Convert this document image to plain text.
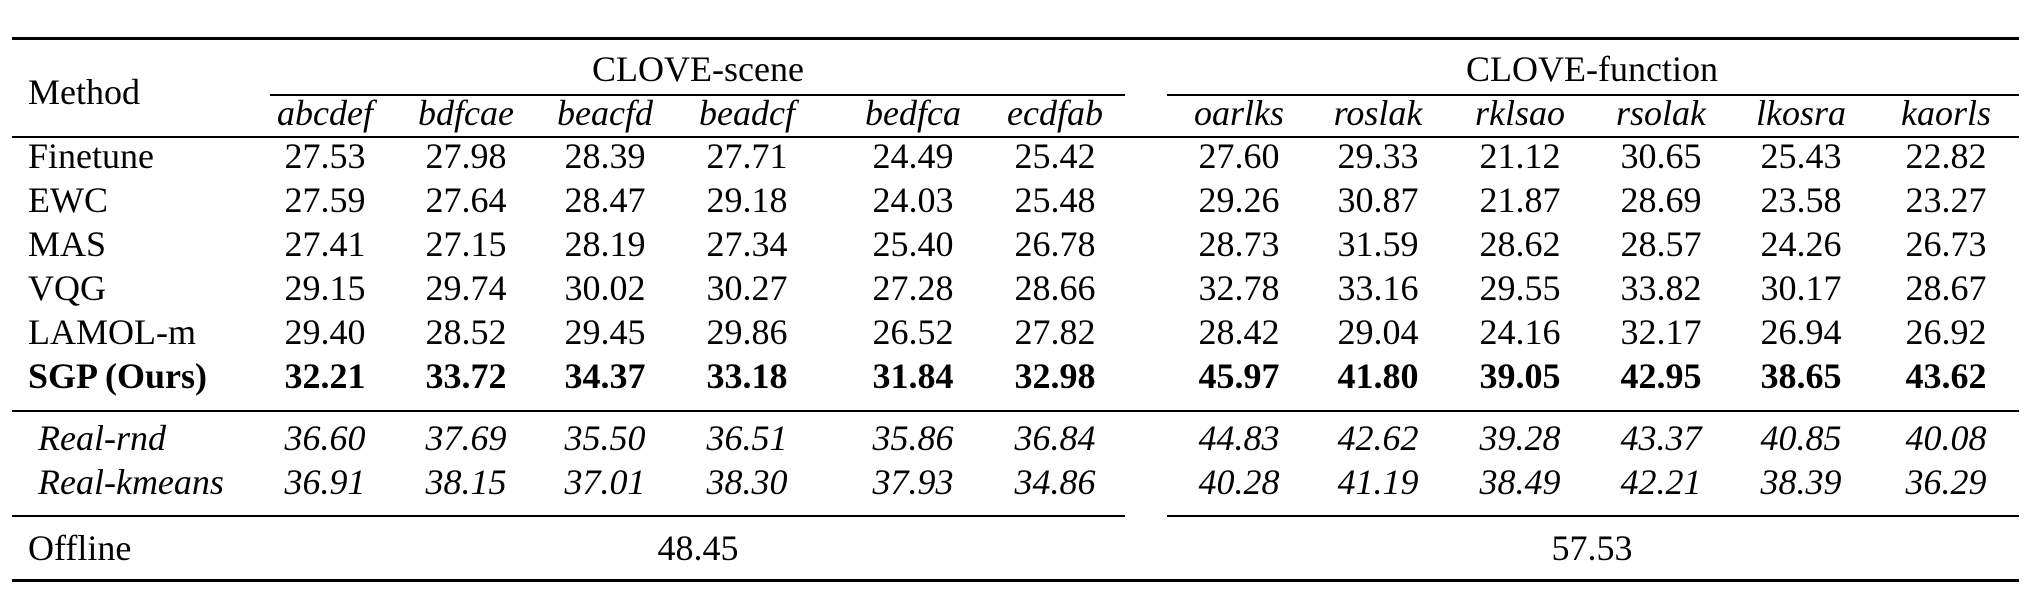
Method
CLOVE-scene	CLOVE-function
abcdef bdfcae beacfd beadcf bedfca ecdfab	oarlks roslak rklsao rsolak lkosra kaorls
Finetune	27.53 27.98 28.39 27.71 24.49 25.42	27.60 29.33 21.12 30.65 25.43 22.82
EWC	27.59 27.64 28.47 29.18 24.03 25.48	29.26 30.87 21.87 28.69 23.58 23.27
MAS	27.41 27.15 28.19 27.34 25.40 26.78	28.73 31.59 28.62 28.57 24.26 26.73
VQG	29.15 29.74 30.02 30.27 27.28 28.66	32.78 33.16 29.55 33.82 30.17 28.67
LAMOL-m 29.40 28.52 29.45 29.86 26.52 27.82	28.42 29.04 24.16 32.17 26.94 26.92
SGP (Ours) 32.21 33.72 34.37 33.18 31.84 32.98	45.97 41.80 39.05 42.95 38.65 43.62
Real-rnd	36.60 37.69 35.50 36.51 35.86 36.84	44.83 42.62 39.28 43.37 40.85 40.08
Real-kmeans 36.91 38.15 37.01 38.30 37.93 34.86	40.28 41.19 38.49 42.21 38.39 36.29
Offline	48.45	57.53
